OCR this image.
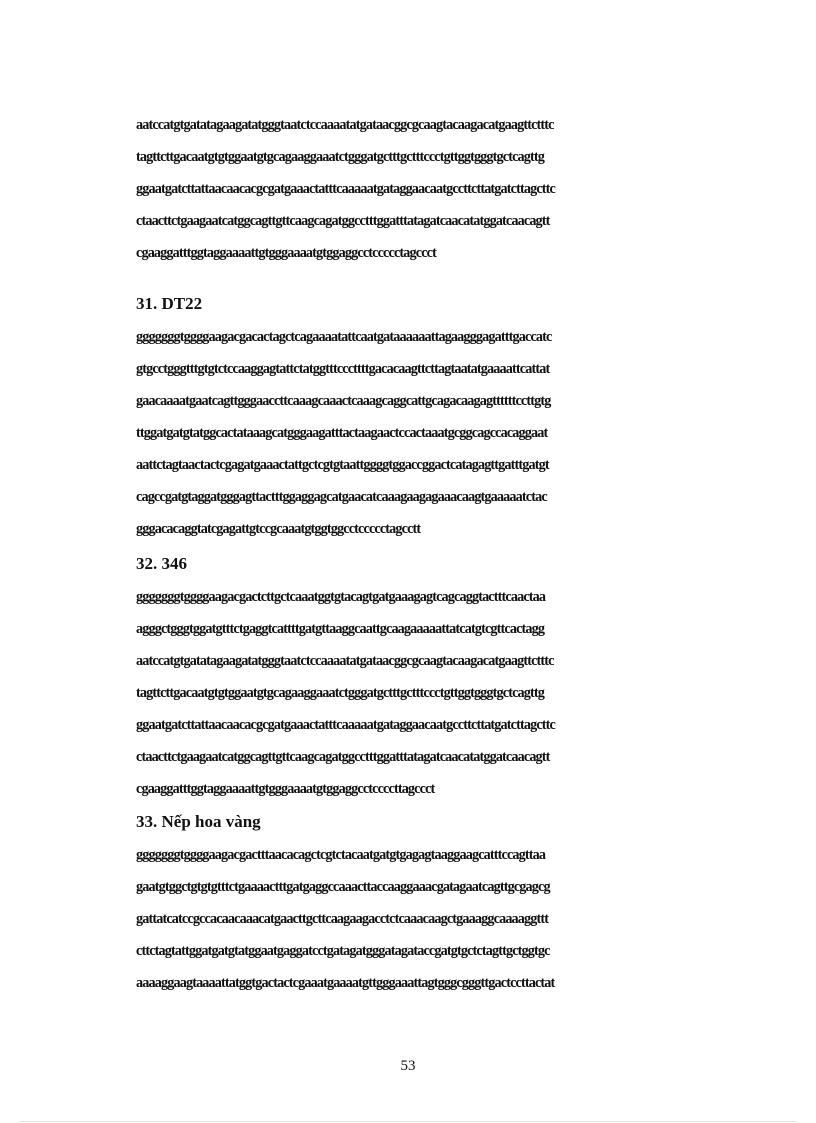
aatccatgtgatatagaagatatgggtaatctccaaaatatgataacggcgcaagtacaagacatgaagttctttc
tagttcttgacaatgtgtggaatgtgcagaaggaaatctgggatgctttgctttccctgttggtgggtgctcagttg
ggaatgatcttattaacaacacgcgatgaaactatttcaaaaatgataggaacaatgccttcttatgatcttagcttc
ctaacttctgaagaatcatggcagttgttcaagcagatggcctttggatttatagatcaacatatggatcaacagtt
cgaaggatttggtaggaaaattgtgggaaaatgtggaggcctccccctagccct
31. DT22
gggggggtggggaagacgacactagctcagaaaatattcaatgataaaaaattagaagggagatttgaccatc
gtgcctgggtttgtgtctccaaggagtattctatggtttcccttttgacacaagttcttagtaatatgaaaattcattat
gaacaaaatgaatcagttgggaaccttcaaagcaaactcaaagcaggcattgcagacaagagttttttccttgtg
ttggatgatgtatggcactataaagcatgggaagatttactaagaactccactaaatgcggcagccacaggaat
aattctagtaactactcgagatgaaactattgctcgtgtaattggggtggaccggactcatagagttgatttgatgt
cagccgatgtaggatgggagttactttggaggagcatgaacatcaaagaagagaaacaagtgaaaaatctac
gggacacaggtatcgagattgtccgcaaatgtggtggcctccccctagcctt
32. 346
gggggggtggggaagacgactcttgctcaaatggtgtacagtgatgaaagagtcagcaggtactttcaactaa
agggctgggtggatgtttctgaggtcattttgatgttaaggcaattgcaagaaaaattatcatgtcgttcactagg
aatccatgtgatatagaagatatgggtaatctccaaaatatgataacggcgcaagtacaagacatgaagttctttc
tagttcttgacaatgtgtggaatgtgcagaaggaaatctgggatgctttgctttccctgttggtgggtgctcagttg
ggaatgatcttattaacaacacgcgatgaaactatttcaaaaatgataggaacaatgccttcttatgatcttagcttc
ctaacttctgaagaatcatggcagttgttcaagcagatggcctttggatttatagatcaacatatggatcaacagtt
cgaaggatttggtaggaaaattgtgggaaaatgtggaggcctccccttagccct
33. Nếp hoa vàng
gggggggtggggaagacgactttaacacagctcgtctacaatgatgtgagagtaaggaagcatttccagttaa
gaatgtggctgtgtgtttctgaaaactttgatgaggccaaacttaccaaggaaacgatagaatcagttgcgagcg
gattatcatccgccacaacaaacatgaacttgcttcaagaagacctctcaaacaagctgaaaggcaaaaggttt
cttctagtattggatgatgtatggaatgaggatcctgatagatgggatagataccgatgtgctctagttgctggtgc
aaaaggaagtaaaattatggtgactactcgaaatgaaaatgttgggaaattagtgggcgggttgactccttactat
53
